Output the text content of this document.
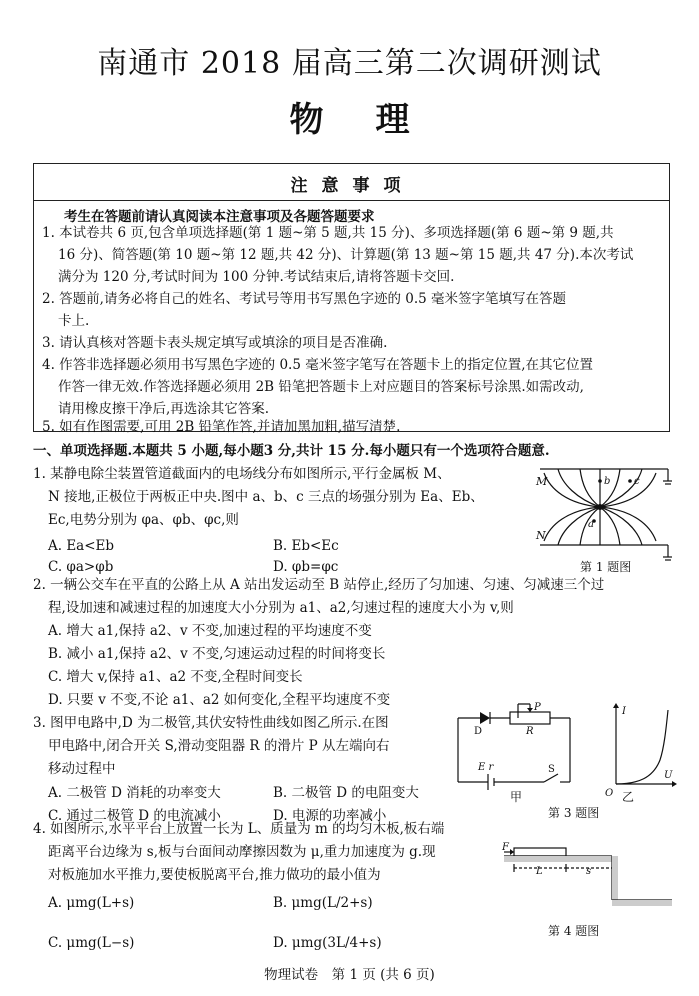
南通市 2018 届高三第二次调研测试
物理
注意事项
考生在答题前请认真阅读本注意事项及各题答题要求
1. 本试卷共 6 页,包含单项选择题(第 1 题~第 5 题,共 15 分)、多项选择题(第 6 题~第 9 题,共
16 分)、简答题(第 10 题~第 12 题,共 42 分)、计算题(第 13 题~第 15 题,共 47 分).本次考试
满分为 120 分,考试时间为 100 分钟.考试结束后,请将答题卡交回.
2. 答题前,请务必将自己的姓名、考试号等用书写黑色字迹的 0.5 毫米签字笔填写在答题
卡上.
3. 请认真核对答题卡表头规定填写或填涂的项目是否准确.
4. 作答非选择题必须用书写黑色字迹的 0.5 毫米签字笔写在答题卡上的指定位置,在其它位置
作答一律无效.作答选择题必须用 2B 铅笔把答题卡上对应题目的答案标号涂黑.如需改动,
请用橡皮擦干净后,再选涂其它答案.
5. 如有作图需要,可用 2B 铅笔作答,并请加黑加粗,描写清楚.
一、单项选择题.本题共 5 小题,每小题3 分,共计 15 分.每小题只有一个选项符合题意.
1. 某静电除尘装置管道截面内的电场线分布如图所示,平行金属板 M、
N 接地,正极位于两板正中央.图中 a、b、c 三点的场强分别为 Ea、Eb、
Ec,电势分别为 φa、φb、φc,则
A. Ea<Eb	B. Eb<Ec
C. φa>φb	D. φb=φc
M
N
a
b c
第 1 题图
2. 一辆公交车在平直的公路上从 A 站出发运动至 B 站停止,经历了匀加速、匀速、匀减速三个过
程,设加速和减速过程的加速度大小分别为 a1、a2,匀速过程的速度大小为 v,则
A. 增大 a1,保持 a2、v 不变,加速过程的平均速度不变
B. 减小 a1,保持 a2、v 不变,匀速运动过程的时间将变长
C. 增大 v,保持 a1、a2 不变,全程时间变长
D. 只要 v 不变,不论 a1、a2 如何变化,全程平均速度不变
3. 图甲电路中,D 为二极管,其伏安特性曲线如图乙所示.在图
甲电路中,闭合开关 S,滑动变阻器 R 的滑片 P 从左端向右
移动过程中
A. 二极管 D 消耗的功率变大	B. 二极管 D 的电阻变大
C. 通过二极管 D 的电流减小	D. 电源的功率减小
D
P
R
E r	S
I
U
O
甲	乙
第 3 题图
4. 如图所示,水平平台上放置一长为 L、质量为 m 的均匀木板,板右端
距离平台边缘为 s,板与台面间动摩擦因数为 μ,重力加速度为 g.现
对板施加水平推力,要使板脱离平台,推力做功的最小值为
A. μmg(L+s)	B. μmg(L/2+s)
C. μmg(L−s)	D. μmg(3L/4+s)
F
L	s
第 4 题图
物理试卷　第 1 页 (共 6 页)
